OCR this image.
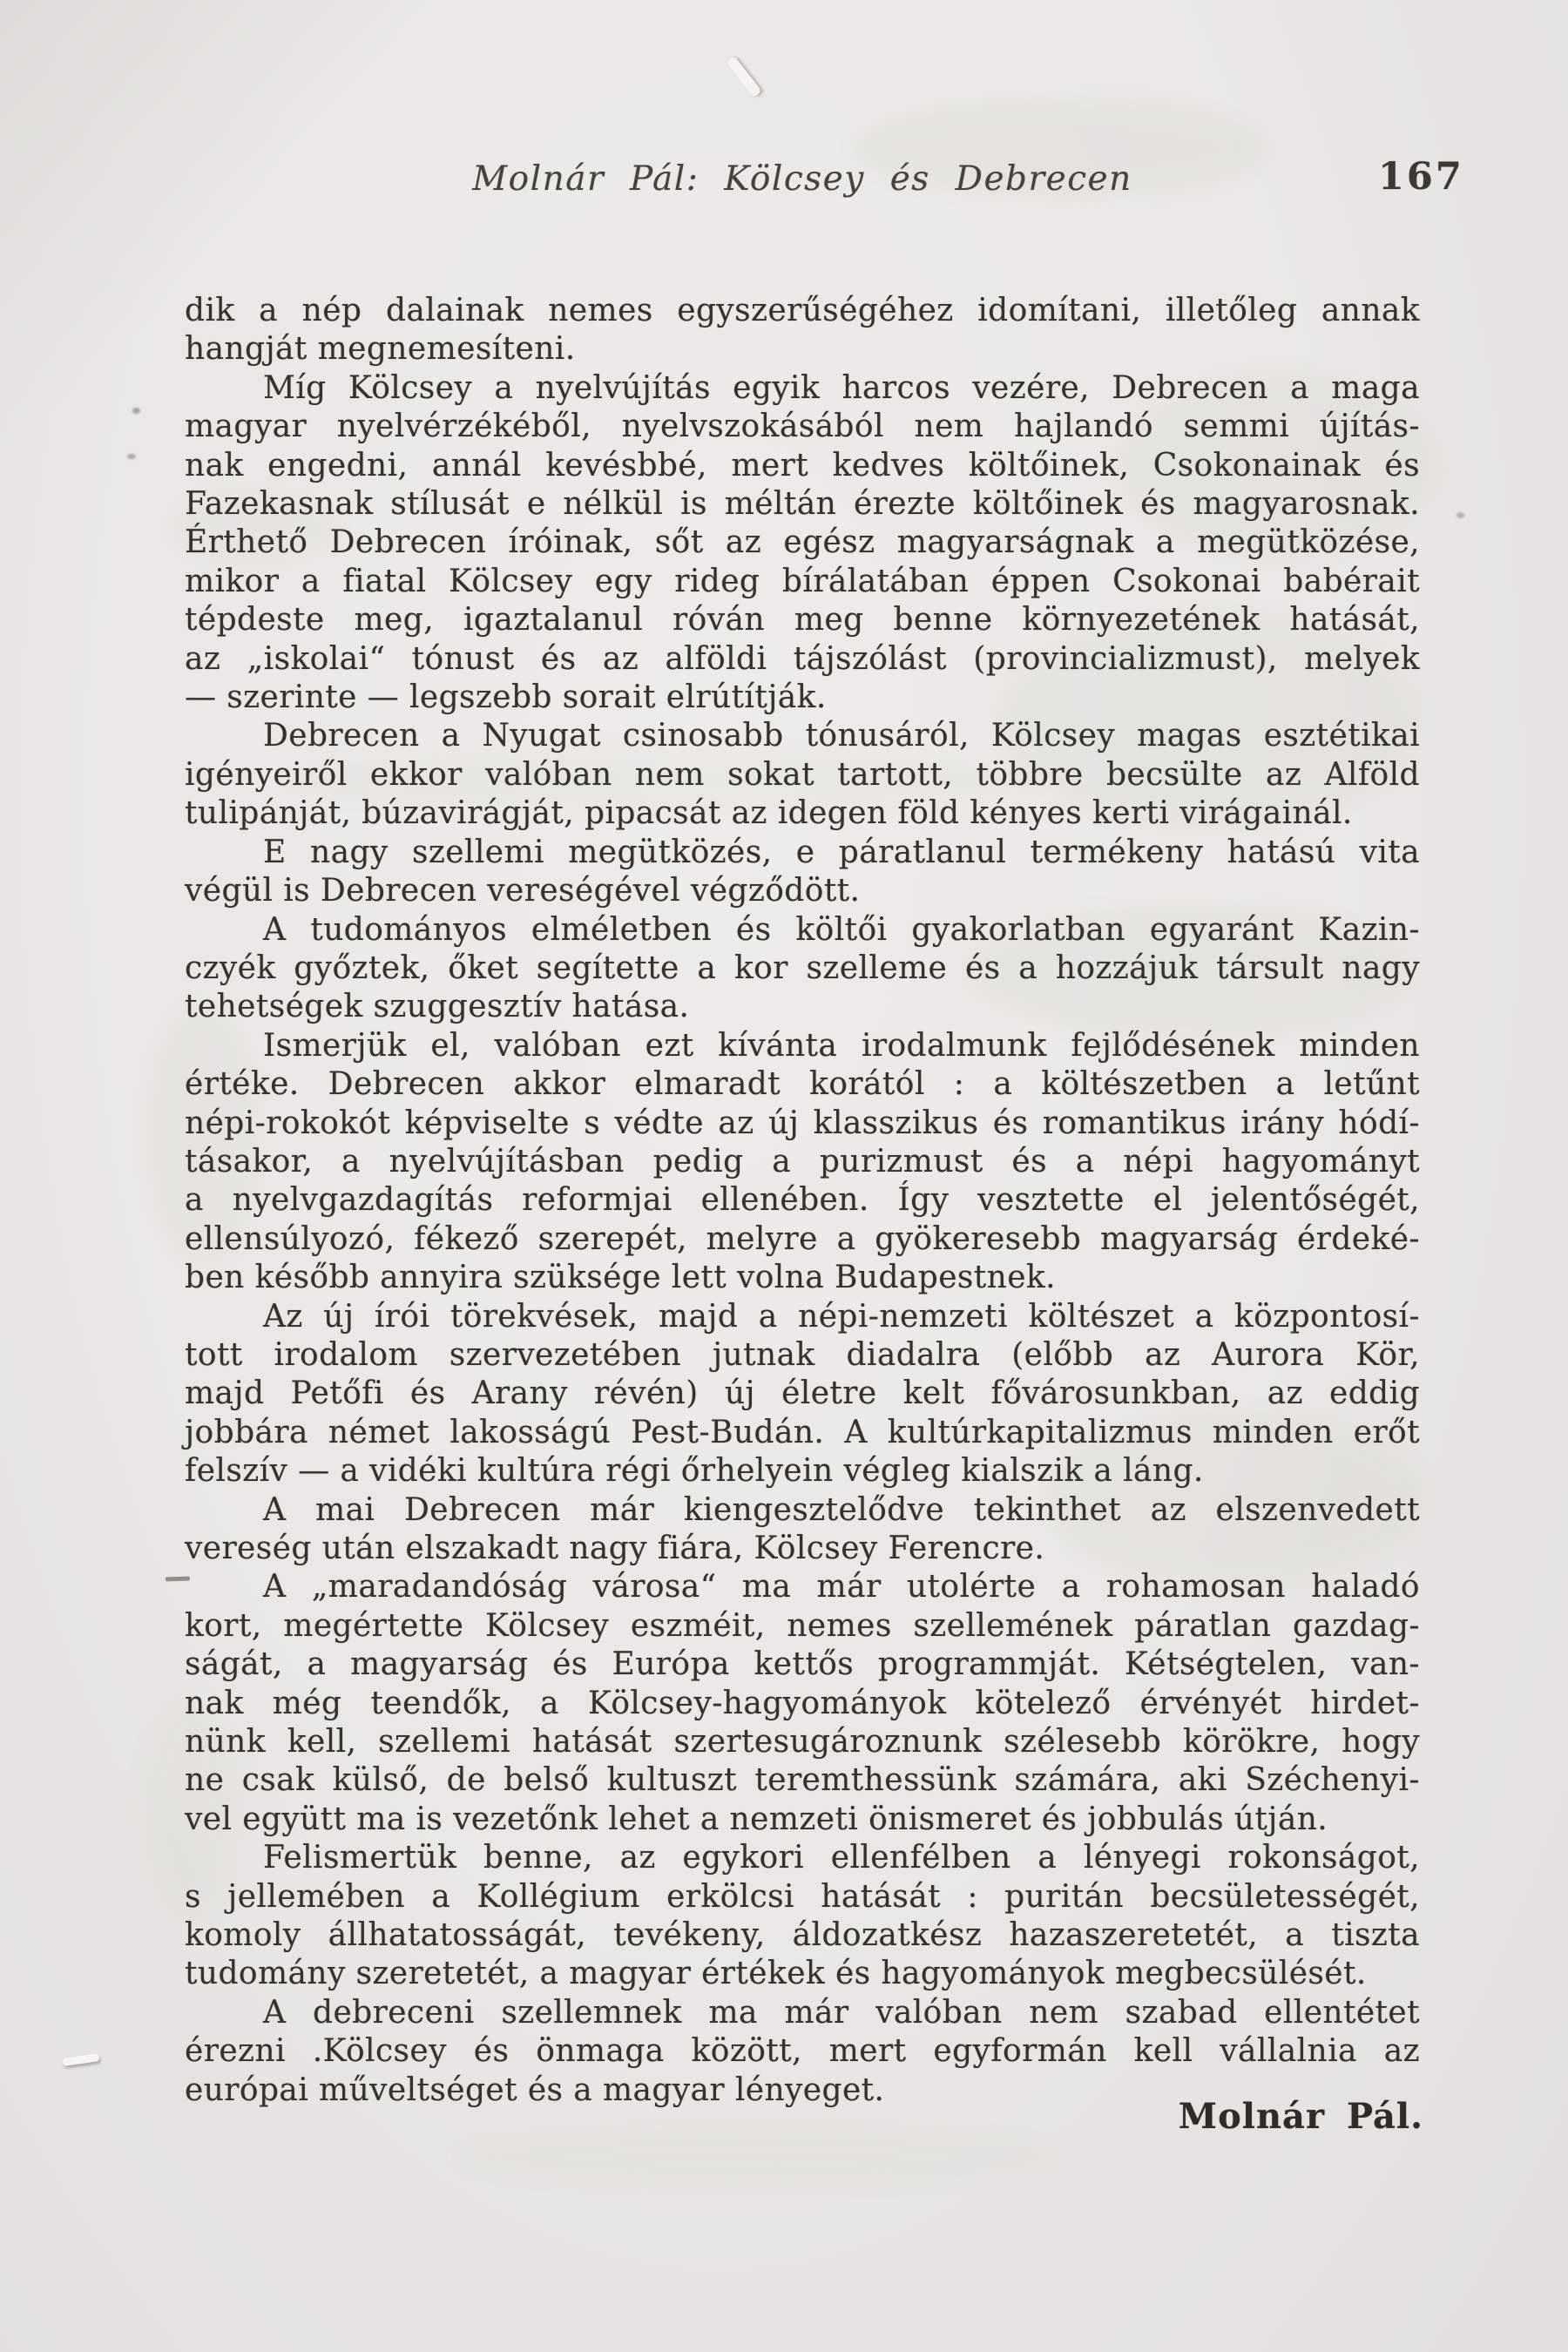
Molnár Pál: Kölcsey és Debrecen	167
dik a nép dalainak nemes egyszerűségéhez idomítani, illetőleg annak
hangját megnemesíteni.
Míg Kölcsey a nyelvújítás egyik harcos vezére, Debrecen a maga
magyar nyelvérzékéből, nyelvszokásából nem hajlandó semmi újítás-
nak engedni, annál kevésbbé, mert kedves költőinek, Csokonainak és
Fazekasnak stílusát e nélkül is méltán érezte költőinek és magyarosnak.
Érthető Debrecen íróinak, sőt az egész magyarságnak a megütközése,
mikor a fiatal Kölcsey egy rideg bírálatában éppen Csokonai babérait
tépdeste meg, igaztalanul róván meg benne környezetének hatását,
az „iskolai“ tónust és az alföldi tájszólást (provincializmust), melyek
— szerinte — legszebb sorait elrútítják.
Debrecen a Nyugat csinosabb tónusáról, Kölcsey magas esztétikai
igényeiről ekkor valóban nem sokat tartott, többre becsülte az Alföld
tulipánját, búzavirágját, pipacsát az idegen föld kényes kerti virágainál.
E nagy szellemi megütközés, e páratlanul termékeny hatású vita
végül is Debrecen vereségével végződött.
A tudományos elméletben és költői gyakorlatban egyaránt Kazin-
czyék győztek, őket segítette a kor szelleme és a hozzájuk társult nagy
tehetségek szuggesztív hatása.
Ismerjük el, valóban ezt kívánta irodalmunk fejlődésének minden
értéke. Debrecen akkor elmaradt korától : a költészetben a letűnt
népi-rokokót képviselte s védte az új klasszikus és romantikus irány hódí-
tásakor, a nyelvújításban pedig a purizmust és a népi hagyományt
a nyelvgazdagítás reformjai ellenében. Így vesztette el jelentőségét,
ellensúlyozó, fékező szerepét, melyre a gyökeresebb magyarság érdeké-
ben később annyira szüksége lett volna Budapestnek.
Az új írói törekvések, majd a népi-nemzeti költészet a központosí-
tott irodalom szervezetében jutnak diadalra (előbb az Aurora Kör,
majd Petőfi és Arany révén) új életre kelt fővárosunkban, az eddig
jobbára német lakosságú Pest-Budán. A kultúrkapitalizmus minden erőt
felszív — a vidéki kultúra régi őrhelyein végleg kialszik a láng.
A mai Debrecen már kiengesztelődve tekinthet az elszenvedett
vereség után elszakadt nagy fiára, Kölcsey Ferencre.
A „maradandóság városa“ ma már utolérte a rohamosan haladó
kort, megértette Kölcsey eszméit, nemes szellemének páratlan gazdag-
ságát, a magyarság és Európa kettős programmját. Kétségtelen, van-
nak még teendők, a Kölcsey-hagyományok kötelező érvényét hirdet-
nünk kell, szellemi hatását szertesugároznunk szélesebb körökre, hogy
ne csak külső, de belső kultuszt teremthessünk számára, aki Széchenyi-
vel együtt ma is vezetőnk lehet a nemzeti önismeret és jobbulás útján.
Felismertük benne, az egykori ellenfélben a lényegi rokonságot,
s jellemében a Kollégium erkölcsi hatását : puritán becsületességét,
komoly állhatatosságát, tevékeny, áldozatkész hazaszeretetét, a tiszta
tudomány szeretetét, a magyar értékek és hagyományok megbecsülését.
A debreceni szellemnek ma már valóban nem szabad ellentétet
érezni .Kölcsey és önmaga között, mert egyformán kell vállalnia az
európai műveltséget és a magyar lényeget.
Molnár Pál.
